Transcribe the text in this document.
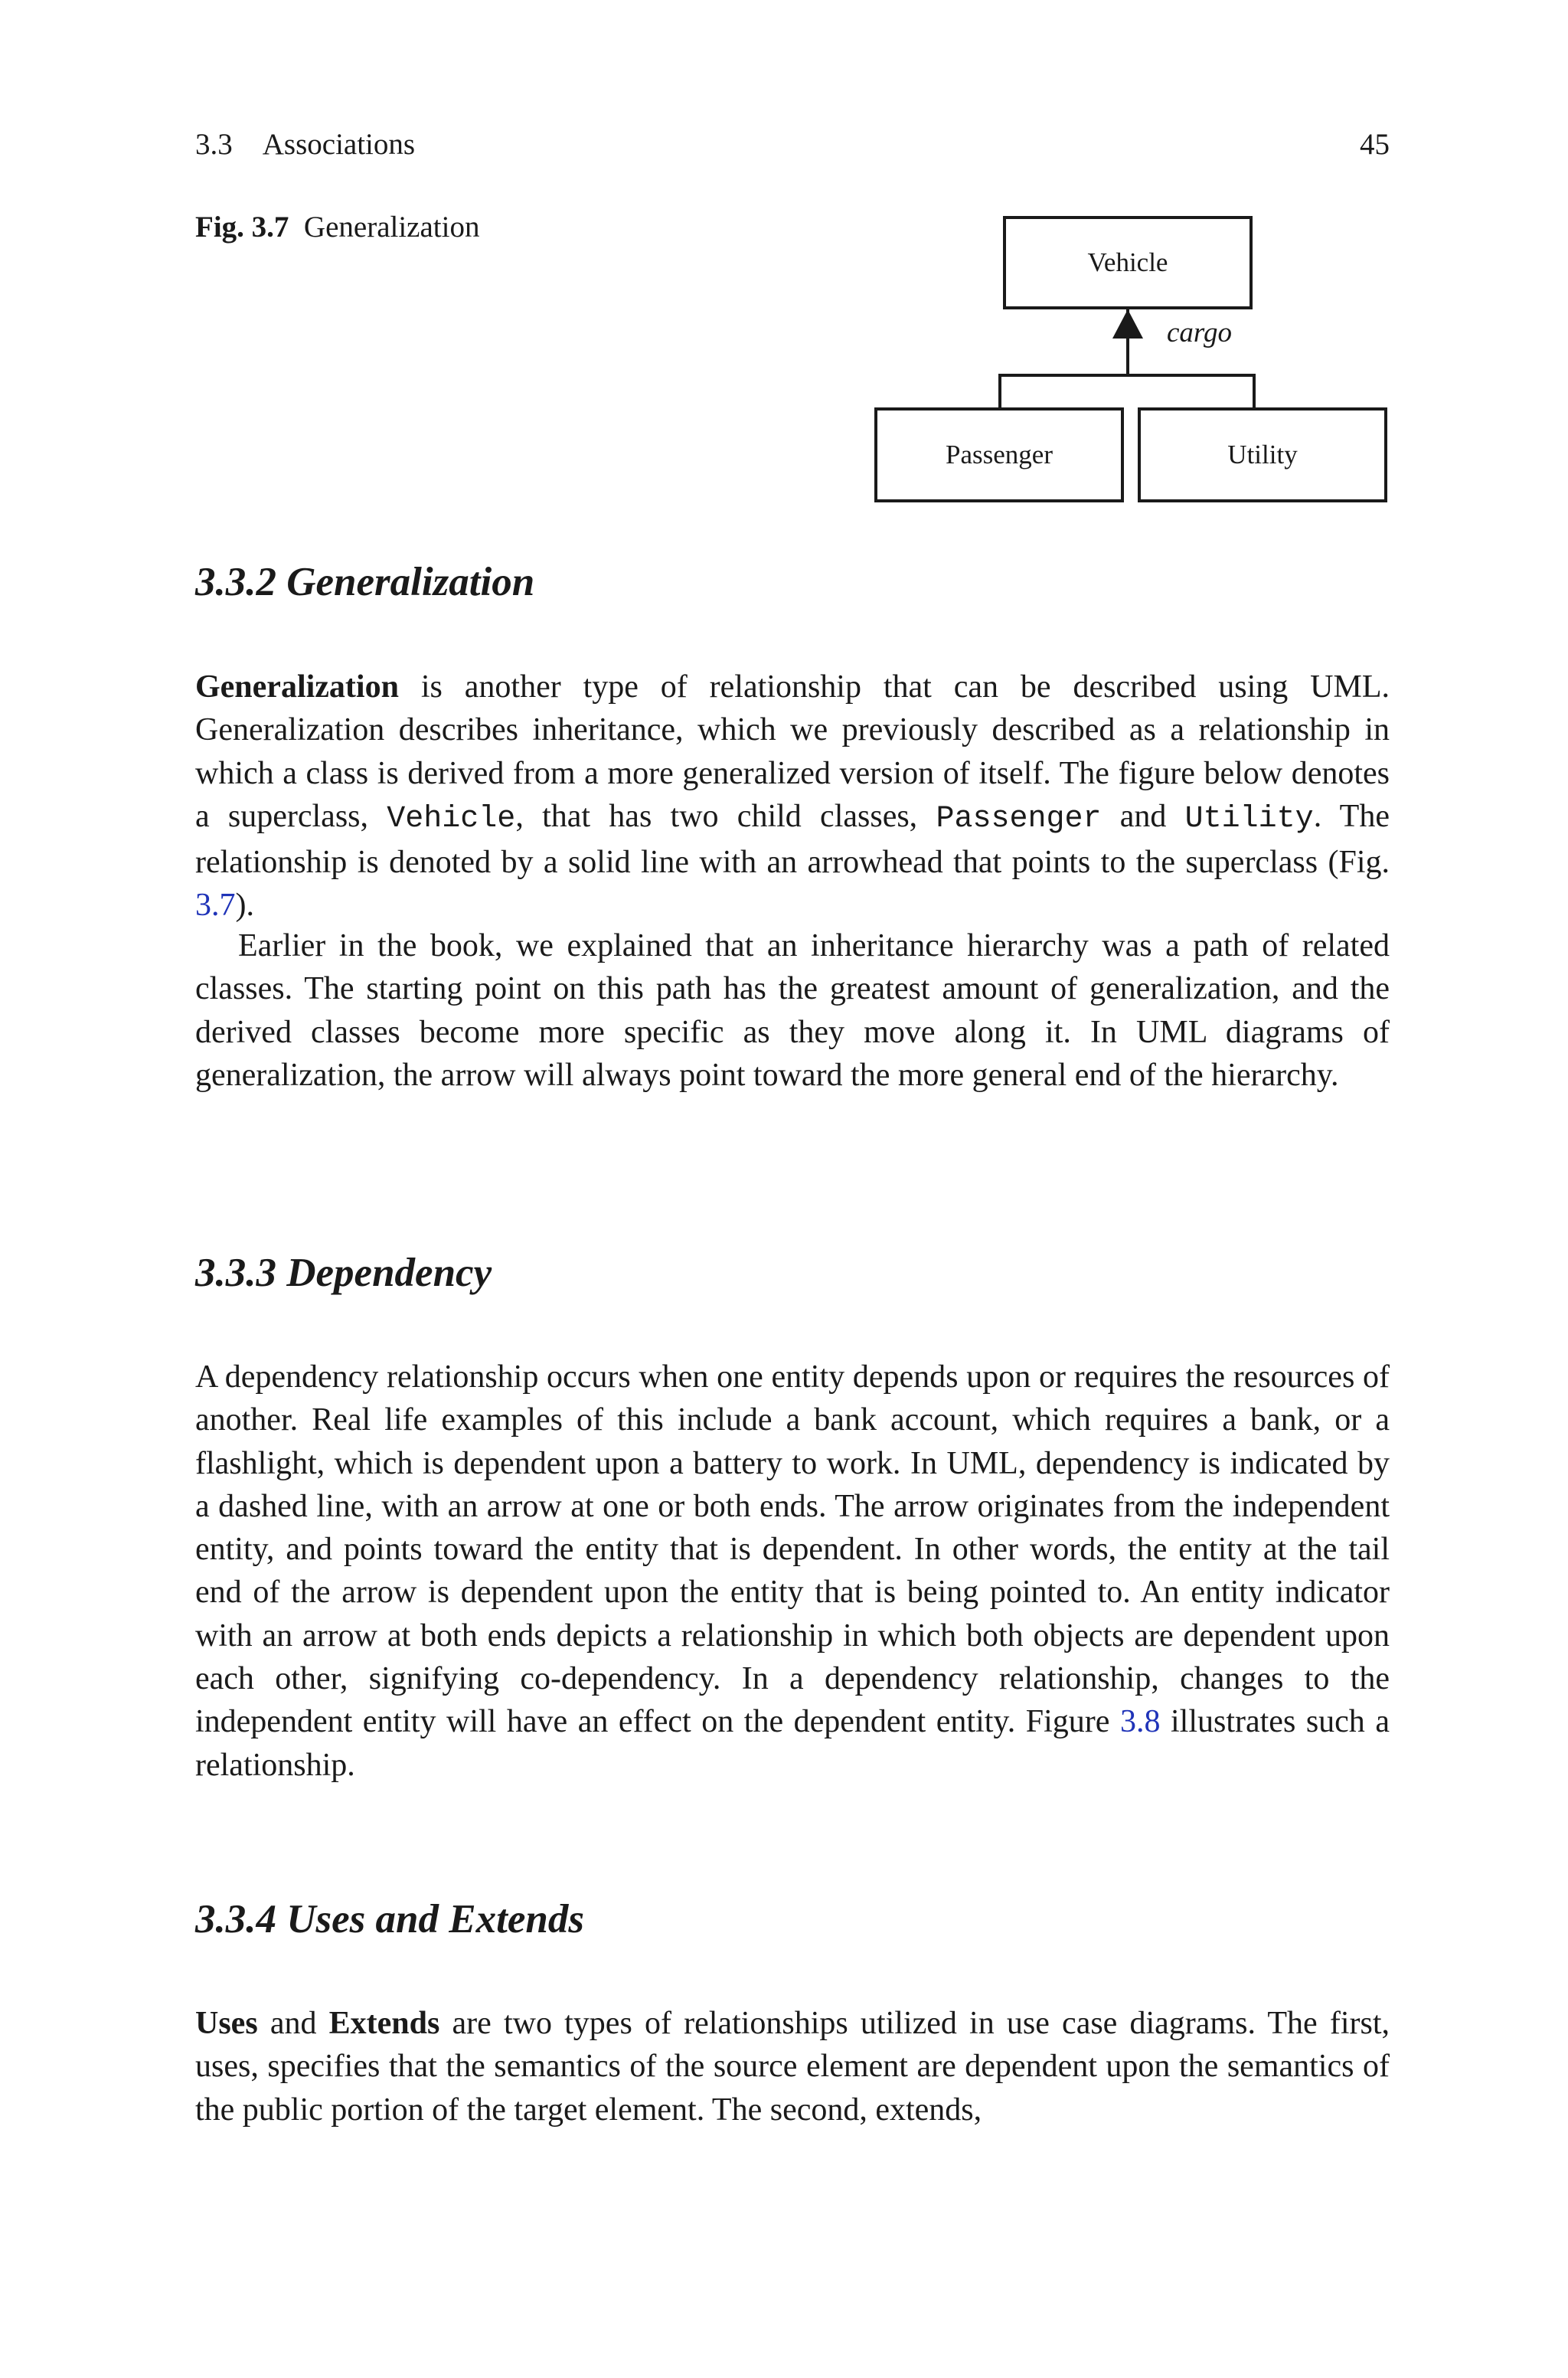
3.3 Associations	45
Fig. 3.7 Generalization
Vehicle
cargo
Passenger	Utility
3.3.2 Generalization

Generalization is another type of relationship that can be described using UML. Generalization describes inheritance, which we previously described as a relationship in which a class is derived from a more generalized version of itself. The figure below denotes a superclass, Vehicle, that has two child classes, Passenger and Utility. The relationship is denoted by a solid line with an arrowhead that points to the superclass (Fig. 3.7).

Earlier in the book, we explained that an inheritance hierarchy was a path of related classes. The starting point on this path has the greatest amount of generalization, and the derived classes become more specific as they move along it. In UML diagrams of generalization, the arrow will always point toward the more general end of the hierarchy.

3.3.3 Dependency

A dependency relationship occurs when one entity depends upon or requires the resources of another. Real life examples of this include a bank account, which requires a bank, or a flashlight, which is dependent upon a battery to work. In UML, dependency is indicated by a dashed line, with an arrow at one or both ends. The arrow originates from the independent entity, and points toward the entity that is dependent. In other words, the entity at the tail end of the arrow is dependent upon the entity that is being pointed to. An entity indicator with an arrow at both ends depicts a relationship in which both objects are dependent upon each other, signifying co-dependency. In a dependency relationship, changes to the independent entity will have an effect on the dependent entity. Figure 3.8 illustrates such a relationship.

3.3.4 Uses and Extends

Uses and Extends are two types of relationships utilized in use case diagrams. The first, uses, specifies that the semantics of the source element are dependent upon the semantics of the public portion of the target element. The second, extends,
